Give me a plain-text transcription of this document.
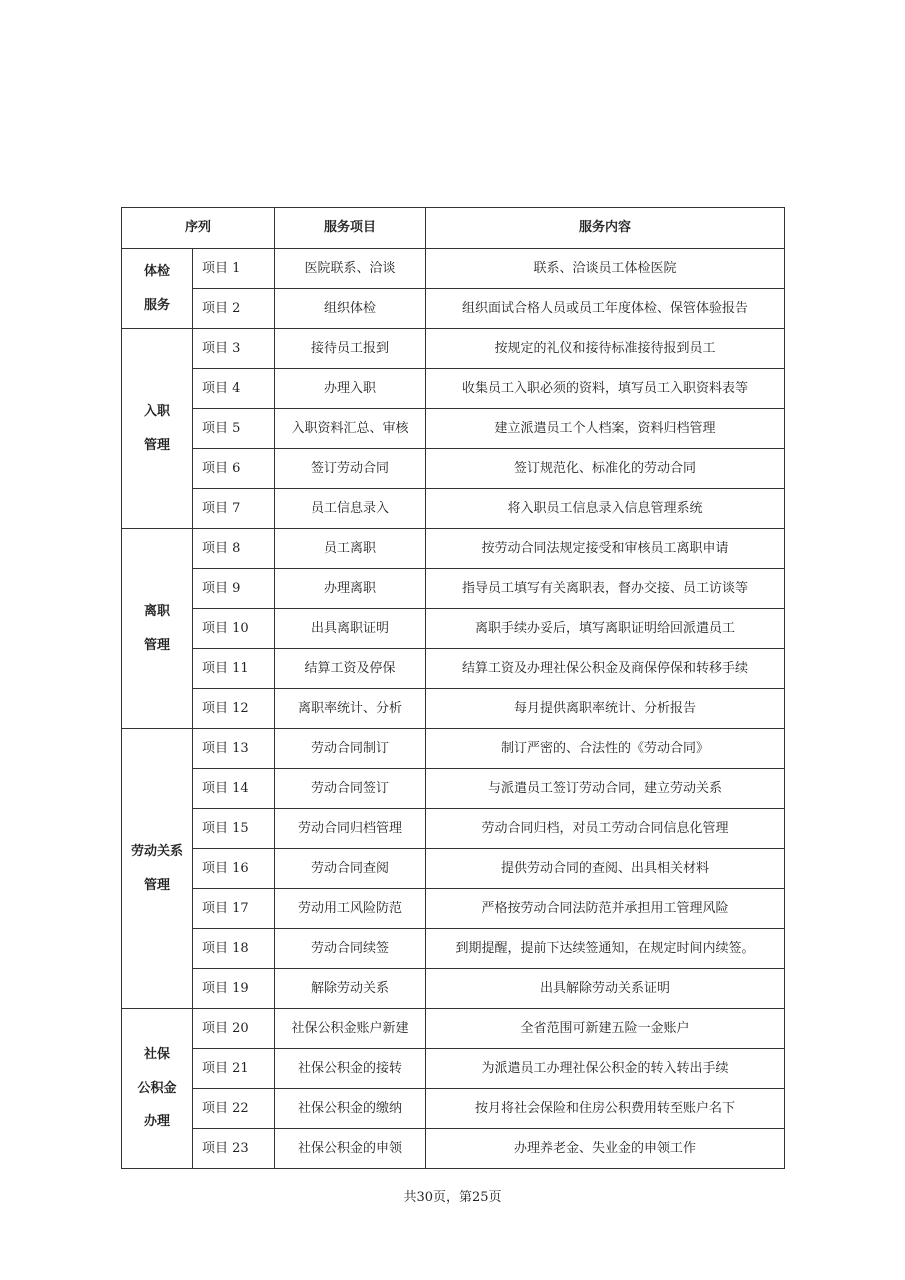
序列		服务项目	服务内容

体检
服务	项目 1	医院联系、洽谈	联系、洽谈员工体检医院
	项目 2	组织体检	组织面试合格人员或员工年度体检、保管体验报告

入职
管理	项目 3	接待员工报到	按规定的礼仪和接待标准接待报到员工
	项目 4	办理入职	收集员工入职必须的资料，填写员工入职资料表等
	项目 5	入职资料汇总、审核	建立派遣员工个人档案，资料归档管理
	项目 6	签订劳动合同	签订规范化、标准化的劳动合同
	项目 7	员工信息录入	将入职员工信息录入信息管理系统

离职
管理	项目 8	员工离职	按劳动合同法规定接受和审核员工离职申请
	项目 9	办理离职	指导员工填写有关离职表，督办交接、员工访谈等
	项目 10	出具离职证明	离职手续办妥后，填写离职证明给回派遣员工
	项目 11	结算工资及停保	结算工资及办理社保公积金及商保停保和转移手续
	项目 12	离职率统计、分析	每月提供离职率统计、分析报告

劳动关系
管理	项目 13	劳动合同制订	制订严密的、合法性的《劳动合同》
	项目 14	劳动合同签订	与派遣员工签订劳动合同，建立劳动关系
	项目 15	劳动合同归档管理	劳动合同归档，对员工劳动合同信息化管理
	项目 16	劳动合同查阅	提供劳动合同的查阅、出具相关材料
	项目 17	劳动用工风险防范	严格按劳动合同法防范并承担用工管理风险
	项目 18	劳动合同续签	到期提醒，提前下达续签通知，在规定时间内续签。
	项目 19	解除劳动关系	出具解除劳动关系证明

社保
公积金
办理	项目 20	社保公积金账户新建	全省范围可新建五险一金账户
	项目 21	社保公积金的接转	为派遣员工办理社保公积金的转入转出手续
	项目 22	社保公积金的缴纳	按月将社会保险和住房公积费用转至账户名下
	项目 23	社保公积金的申领	办理养老金、失业金的申领工作
共30页，第25页
